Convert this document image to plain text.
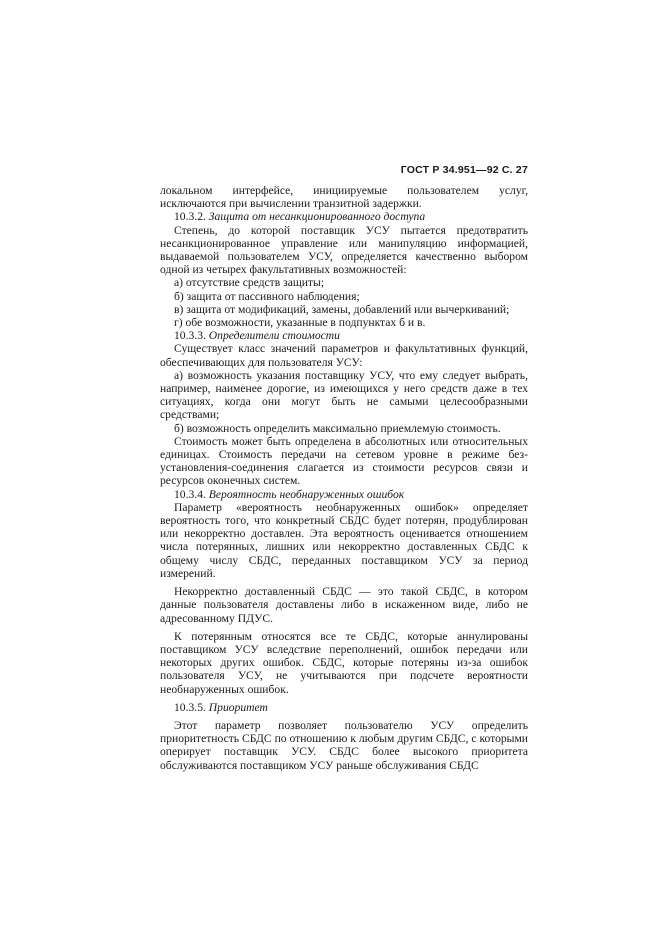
ГОСТ Р 34.951—92 С. 27

локальном интерфейсе, инициируемые пользователем услуг, исключаются при вычислении транзитной задержки.

10.3.2. Защита от несанкционированного доступа

Степень, до которой поставщик УСУ пытается предотвратить несанкционированное управление или манипуляцию информацией, выдаваемой пользователем УСУ, определяется качественно выбором одной из четырех факультативных возможностей:

а) отсутствие средств защиты;

б) защита от пассивного наблюдения;

в) защита от модификаций, замены, добавлений или вычеркиваний;

г) обе возможности, указанные в подпунктах б и в.

10.3.3. Определители стоимости

Существует класс значений параметров и факультативных функций, обеспечивающих для пользователя УСУ:

а) возможность указания поставщику УСУ, что ему следует выбрать, например, наименее дорогие, из имеющихся у него средств даже в тех ситуациях, когда они могут быть не самыми целесообразными средствами;

б) возможность определить максимально приемлемую стоимость.

Стоимость может быть определена в абсолютных или относительных единицах. Стоимость передачи на сетевом уровне в режиме без-установления-соединения слагается из стоимости ресурсов связи и ресурсов оконечных систем.

10.3.4. Вероятность необнаруженных ошибок

Параметр «вероятность необнаруженных ошибок» определяет вероятность того, что конкретный СБДС будет потерян, продублирован или некорректно доставлен. Эта вероятность оценивается отношением числа потерянных, лишних или некорректно доставленных СБДС к общему числу СБДС, переданных поставщиком УСУ за период измерений.

Некорректно доставленный СБДС — это такой СБДС, в котором данные пользователя доставлены либо в искаженном виде, либо не адресованному ПДУС.

К потерянным относятся все те СБДС, которые аннулированы поставщиком УСУ вследствие переполнений, ошибок передачи или некоторых других ошибок. СБДС, которые потеряны из-за ошибок пользователя УСУ, не учитываются при подсчете вероятности необнаруженных ошибок.

10.3.5. Приоритет

Этот параметр позволяет пользователю УСУ определить приоритетность СБДС по отношению к любым другим СБДС, с которыми оперирует поставщик УСУ. СБДС более высокого приоритета обслуживаются поставщиком УСУ раньше обслуживания СБДС
